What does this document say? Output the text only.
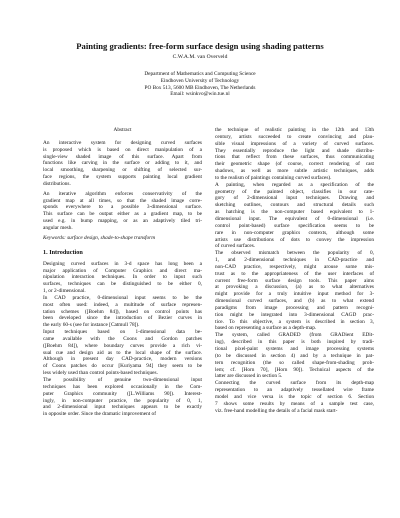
Painting gradients: free-form surface design using shading patterns
C.W.A.M. van Overveld
Department of Mathematics and Computing Science
Eindhoven University of Technology
PO Box 513, 5600 MB Eindhoven, The Netherlands
Email: wsinkvo@win.tue.nl
Abstract
An interactive system for designing curved surfaces
is proposed which is based on direct manipulation of a
single-view shaded image of this surface. Apart from
functions like carving in the surface or adding to it, and
local smoothing, sharpening or shifting of selected sur-
face regions, the system supports painting local gradient
distributions.
An iterative algorithm enforces conservativity of the
gradient map at all times, so that the shaded image corre-
sponds everywhere to a possible 3-dimensional surface.
This surface can be output either as a gradient map, to be
used e.g. in bump mapping, or as an adaptively tiled tri-
angular mesh.
Keywords: surface design, shade-to-shape transform
1. Introduction
Designing curved surfaces in 3-d space has long been a
major application of Computer Graphics and direct ma-
nipulation interaction techniques. In order to input such
surfaces, techniques can be distinguished to be either 0,
1, or 2-dimensional.
In CAD practice, 0-dimensional input seems to be the
most often used: indeed, a multitude of surface represen-
tation schemes ([Boehm 84]), based on control points has
been developed since the introduction of Bezier curves in
the early 60-s (see for instance [Catmull 78]).
Input techniques based on 1-dimensional data be-
came available with the Coons and Gordon patches
([Boehm 84]), where boundary curves provide a rich vi-
sual cue and design aid as to the local shape of the surface.
Although in present day CAD-practice, modern versions
of Coons patches do occur [Kuriyama 94] they seem to be
less widely used than control points-based techniques.
The possibility of genuine two-dimensional input
techniques has been explored occasionally in the Com-
puter Graphics community ([L.Williams 90]). Interest-
ingly, in non-computer practice, the popularity of 0, 1,
and 2-dimensional input techniques appears to be exactly
in opposite order. Since the dramatic improvement of
the technique of realistic painting in the 12th and 13th
century, artists succeeded to create convincing and plau-
sible visual impressions of a variety of curved surfaces.
They essentially reproduce the light and shade distribu-
tions that reflect from these surfaces, thus communicating
their geometric shape (of course, correct rendering of cast
shadows, as well as more subtle artistic techniques, adds
to the realism of paintings containing curved surfaces).
A painting, when regarded as a specification of the
geometry of the painted object, classifies in our cate-
gory of 2-dimensional input techniques. Drawing and
sketching outlines, contours and structural details such
as hatching is the non-computer based equivalent to 1-
dimensional input. The equivalent of 0-dimensional (i.e.
control point-based) surface specification seems to be
rare in non-computer graphics contexts, although some
artists use distributions of dots to convey the impression
of curved surfaces.
The observed mismatch between the popularity of 0,
1, and 2-dimensional techniques in CAD-practice and
non-CAD practice, respectively, might arouse some mis-
trust as to the appropriateness of the user interfaces of
current free-form surface design tools. This paper aims
at provoking a discussion, (a) as to what alternatives
might provide for a truly intuitive input method for 3-
dimensional curved surfaces, and (b) as to what extend
paradigms from image processing and pattern recogni-
tion might be integrated into 3-dimensional CAGD prac-
tice. To this objective, a system is described in section 3,
based on representing a surface as a depth-map.
The system, called GRADED (from GRADient EDit-
ing), described in this paper is both inspired by tradi-
tional pixel-paint systems and image processing systems
(to be discussed in section 4) and by a technique in pat-
tern recognition (the so called shape-from-shading prob-
lem; cf. [Horn 70], [Horn 90]). Technical aspects of the
latter are discussed in section 5.
Connecting the curved surface from its depth-map
representation to an adaptively tessellated wire frame
model and vice versa is the topic of section 6. Section
7 shows some results by means of a sample test case,
viz. free-hand modelling the details of a facial mask start-
